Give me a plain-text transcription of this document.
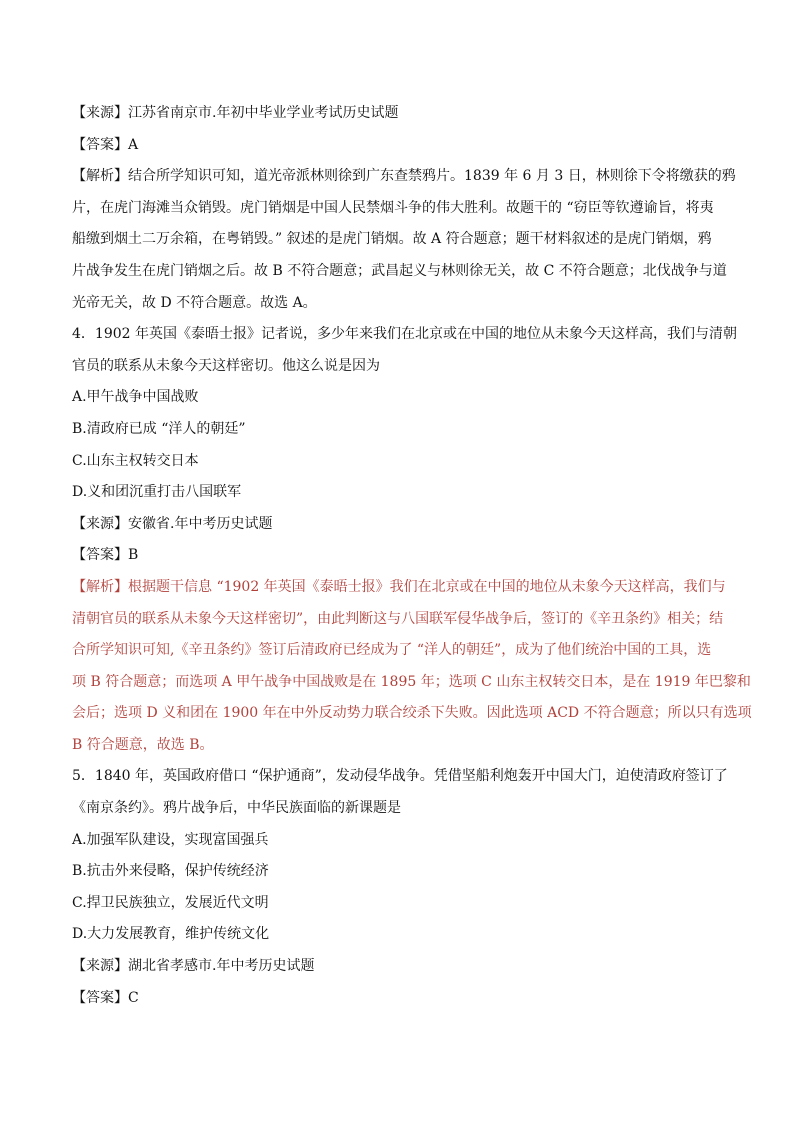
【来源】江苏省南京市.年初中毕业学业考试历史试题

【答案】A

【解析】结合所学知识可知，道光帝派林则徐到广东查禁鸦片。1839 年 6 月 3 日，林则徐下令将缴获的鸦

片，在虎门海滩当众销毁。虎门销烟是中国人民禁烟斗争的伟大胜利。故题干的 “窃臣等钦遵谕旨，将夷

船缴到烟土二万余箱，在粤销毁。” 叙述的是虎门销烟。故 A 符合题意；题干材料叙述的是虎门销烟，鸦

片战争发生在虎门销烟之后。故 B 不符合题意；武昌起义与林则徐无关，故 C 不符合题意；北伐战争与道

光帝无关，故 D 不符合题意。故选 A。

4．1902 年英国《泰晤士报》记者说，多少年来我们在北京或在中国的地位从未象今天这样高，我们与清朝

官员的联系从未象今天这样密切。他这么说是因为

A.甲午战争中国战败

B.清政府已成 “洋人的朝廷”

C.山东主权转交日本

D.义和团沉重打击八国联军

【来源】安徽省.年中考历史试题

【答案】B

【解析】根据题干信息 “1902 年英国《泰晤士报》我们在北京或在中国的地位从未象今天这样高，我们与

清朝官员的联系从未象今天这样密切”，由此判断这与八国联军侵华战争后，签订的《辛丑条约》相关；结

合所学知识可知,《辛丑条约》签订后清政府已经成为了 “洋人的朝廷”，成为了他们统治中国的工具，选

项 B 符合题意；而选项 A 甲午战争中国战败是在 1895 年；选项 C 山东主权转交日本，是在 1919 年巴黎和

会后；选项 D 义和团在 1900 年在中外反动势力联合绞杀下失败。因此选项 ACD 不符合题意；所以只有选项

B 符合题意，故选 B。

5．1840 年，英国政府借口 “保护通商”，发动侵华战争。凭借坚船利炮轰开中国大门，迫使清政府签订了

《南京条约》。鸦片战争后，中华民族面临的新课题是

A.加强军队建设，实现富国强兵

B.抗击外来侵略，保护传统经济

C.捍卫民族独立，发展近代文明

D.大力发展教育，维护传统文化

【来源】湖北省孝感市.年中考历史试题

【答案】C
